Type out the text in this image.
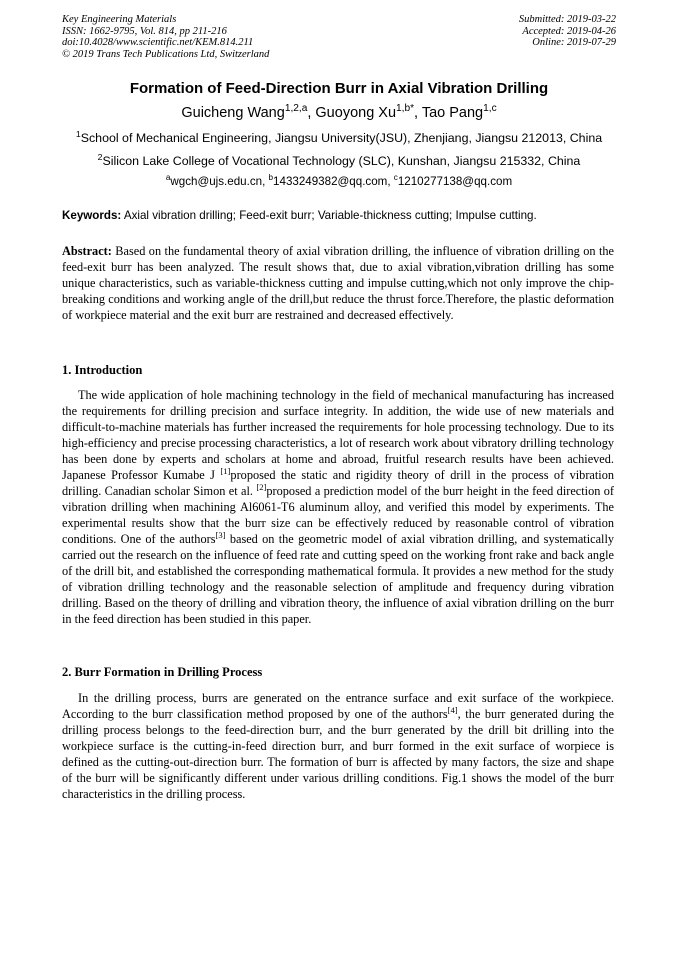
Key Engineering Materials
ISSN: 1662-9795, Vol. 814, pp 211-216
doi:10.4028/www.scientific.net/KEM.814.211
© 2019 Trans Tech Publications Ltd, Switzerland
Submitted: 2019-03-22
Accepted: 2019-04-26
Online: 2019-07-29
Formation of Feed-Direction Burr in Axial Vibration Drilling
Guicheng Wang$^{1,2,a}$, Guoyong $Xu^{1,b*}$, Tao Pang$^{1,c}$
$^1$School of Mechanical Engineering, Jiangsu University(JSU), Zhenjiang, Jiangsu 212013, China
$^2$Silicon Lake College of Vocational Technology (SLC), Kunshan, Jiangsu 215332, China
$^a$wgch@ujs.edu.cn, $^b$1433249382@qq.com, $^c$1210277138@qq.com
Keywords: Axial vibration drilling; Feed-exit burr; Variable-thickness cutting; Impulse cutting.
Abstract: Based on the fundamental theory of axial vibration drilling, the influence of vibration drilling on the feed-exit burr has been analyzed. The result shows that, due to axial vibration,vibration drilling has some unique characteristics, such as variable-thickness cutting and impulse cutting,which not only improve the chip-breaking conditions and working angle of the drill,but reduce the thrust force.Therefore, the plastic deformation of workpiece material and the exit burr are restrained and decreased effectively.
1. Introduction
The wide application of hole machining technology in the field of mechanical manufacturing has increased the requirements for drilling precision and surface integrity. In addition, the wide use of new materials and difficult-to-machine materials has further increased the requirements for hole processing technology. Due to its high-efficiency and precise processing characteristics, a lot of research work about vibratory drilling technology has been done by experts and scholars at home and abroad, fruitful research results have been achieved. Japanese Professor Kumabe J [1]proposed the static and rigidity theory of drill in the process of vibration drilling. Canadian scholar Simon et al. [2]proposed a prediction model of the burr height in the feed direction of vibration drilling when machining Al6061-T6 aluminum alloy, and verified this model by experiments. The experimental results show that the burr size can be effectively reduced by reasonable control of vibration conditions. One of the authors[3] based on the geometric model of axial vibration drilling, and systematically carried out the research on the influence of feed rate and cutting speed on the working front rake and back angle of the drill bit, and established the corresponding mathematical formula. It provides a new method for the study of vibration drilling technology and the reasonable selection of amplitude and frequency during vibration drilling. Based on the theory of drilling and vibration theory, the influence of axial vibration drilling on the burr in the feed direction has been studied in this paper.
2. Burr Formation in Drilling Process
In the drilling process, burrs are generated on the entrance surface and exit surface of the workpiece. According to the burr classification method proposed by one of the authors[4], the burr generated during the drilling process belongs to the feed-direction burr, and the burr generated by the drill bit drilling into the workpiece surface is the cutting-in-feed direction burr, and burr formed in the exit surface of worpiece is defined as the cutting-out-direction burr. The formation of burr is affected by many factors, the size and shape of the burr will be significantly different under various drilling conditions. Fig.1 shows the model of the burr characteristics in the drilling process.
